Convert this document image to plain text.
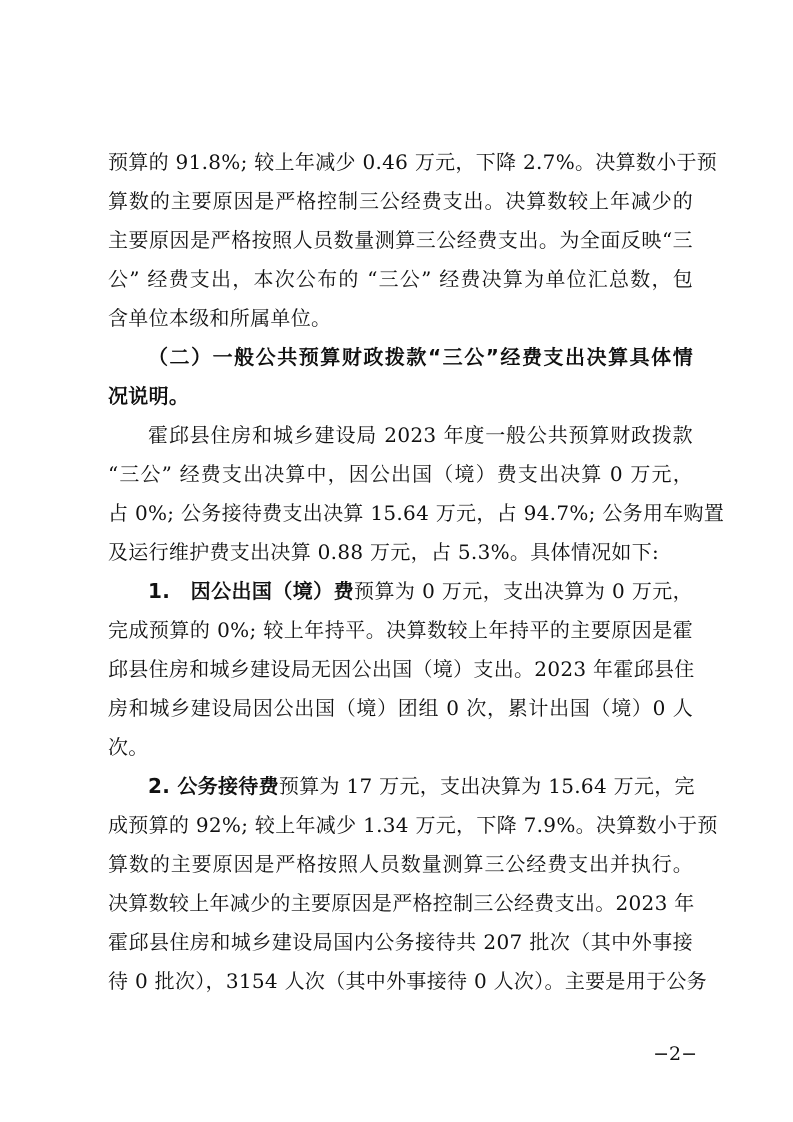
预算的 91.8%; 较上年减少 0.46 万元，下降 2.7%。决算数小于预
算数的主要原因是严格控制三公经费支出。决算数较上年减少的
主要原因是严格按照人员数量测算三公经费支出。为全面反映“三
公” 经费支出，本次公布的 “三公” 经费决算为单位汇总数，包
含单位本级和所属单位。
（二）一般公共预算财政拨款“三公”经费支出决算具体情
况说明。
霍邱县住房和城乡建设局 2023 年度一般公共预算财政拨款
“三公” 经费支出决算中，因公出国（境）费支出决算 0 万元，
占 0%; 公务接待费支出决算 15.64 万元，占 94.7%; 公务用车购置
及运行维护费支出决算 0.88 万元，占 5.3%。具体情况如下:
1.　因公出国（境）费预算为 0 万元，支出决算为 0 万元，
完成预算的 0%; 较上年持平。决算数较上年持平的主要原因是霍
邱县住房和城乡建设局无因公出国（境）支出。2023 年霍邱县住
房和城乡建设局因公出国（境）团组 0 次，累计出国（境）0 人
次。
2. 公务接待费预算为 17 万元，支出决算为 15.64 万元，完
成预算的 92%; 较上年减少 1.34 万元，下降 7.9%。决算数小于预
算数的主要原因是严格按照人员数量测算三公经费支出并执行。
决算数较上年减少的主要原因是严格控制三公经费支出。2023 年
霍邱县住房和城乡建设局国内公务接待共 207 批次（其中外事接
待 0 批次），3154 人次（其中外事接待 0 人次）。主要是用于公务
−2−
